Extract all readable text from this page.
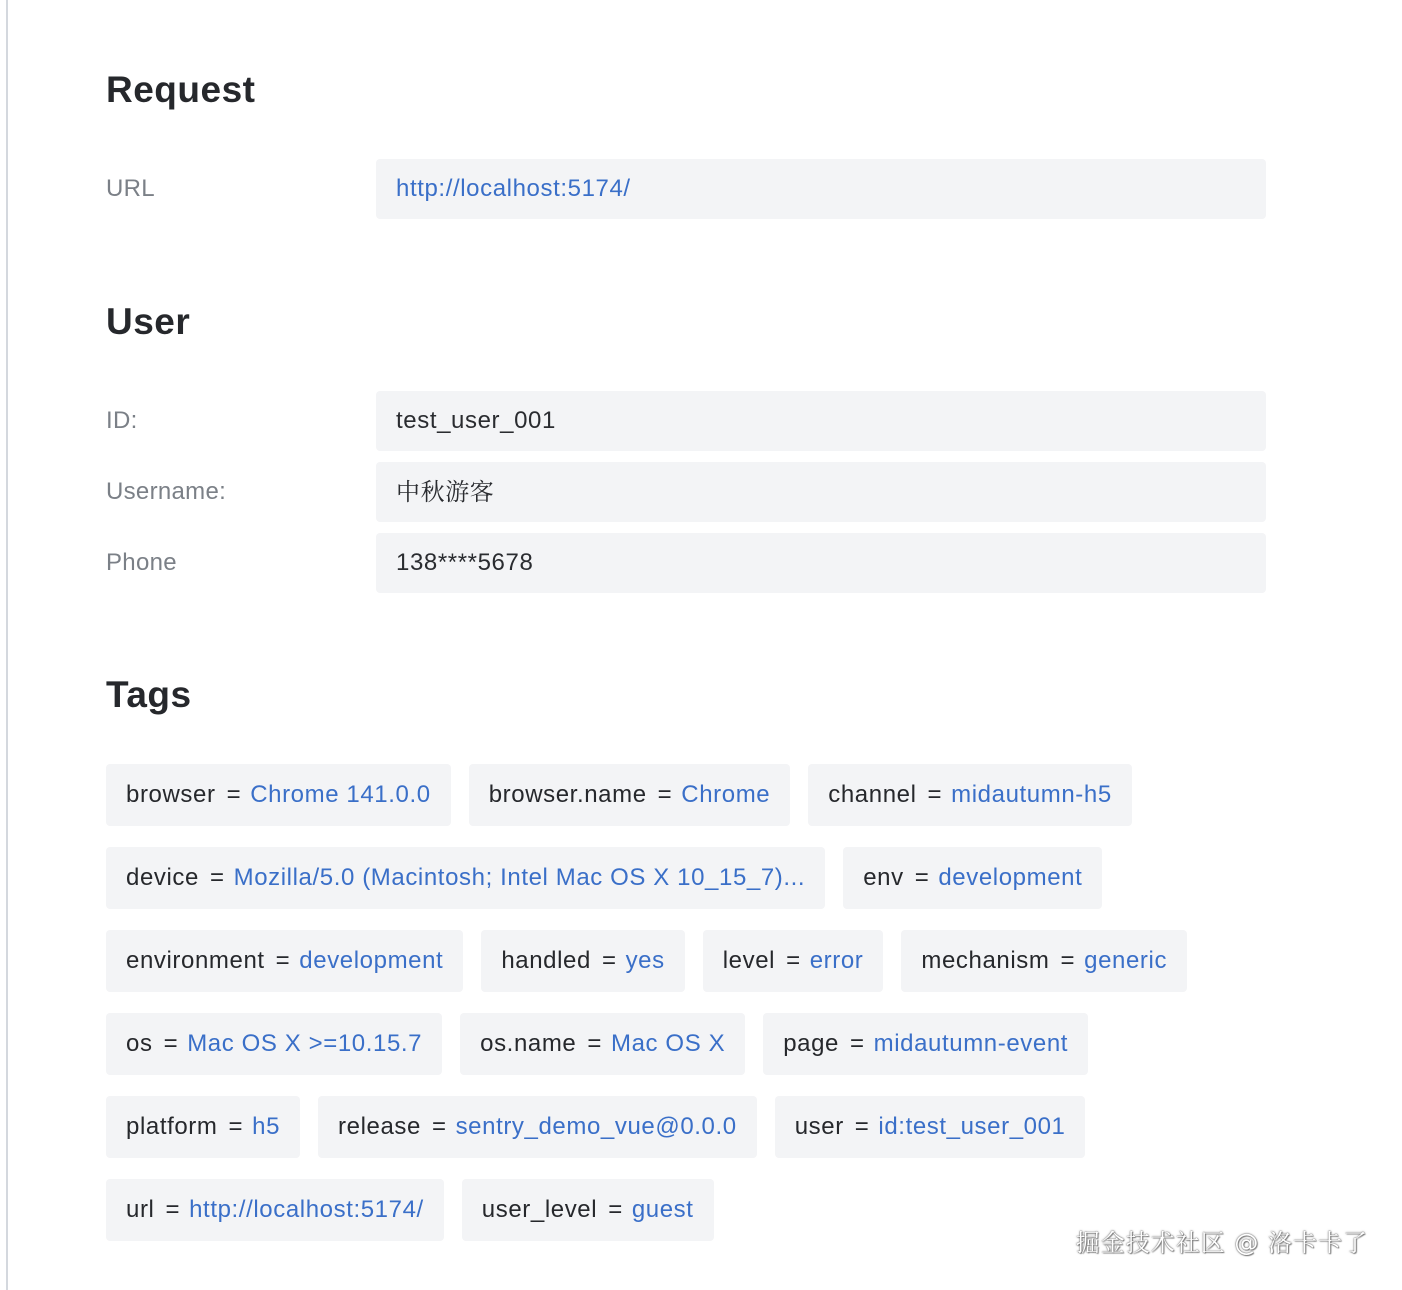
Request
URL	http://localhost:5174/
User
ID:	test_user_001
Username:	中秋游客
Phone	138****5678
Tags
browser = Chrome 141.0.0 browser.name = Chrome channel = midautumn-h5
device = Mozilla/5.0 (Macintosh; Intel Mac OS X 10_15_7)... env = development
environment = development handled = yes level = error mechanism = generic
os = Mac OS X >=10.15.7 os.name = Mac OS X page = midautumn-event
platform = h5 release = sentry_demo_vue@0.0.0 user = id:test_user_001
url = http://localhost:5174/ user_level = guest
掘金技术社区 @ 洛卡卡了
